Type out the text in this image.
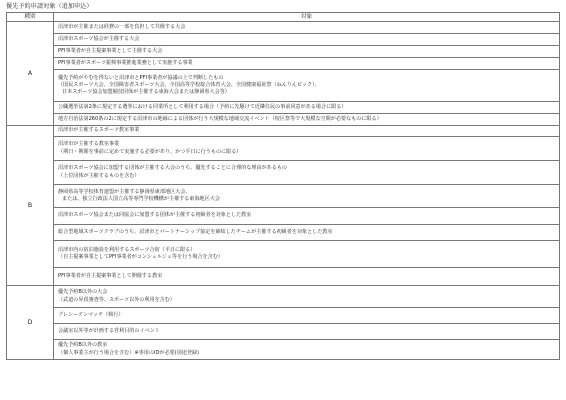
優先予約申請対象（追加申込）
種別	対象
A	沼津市が主催または経費の一部を負担して共催する大会

	沼津市スポーツ協会が主催する大会

	PFI事業者が自主提案事業として主催する大会

	PFI事業者がスポーツ振興事業推進業務として実施する事業

	優先予約がやむを得ないと沼津市とPFI事業者が協議の上で判断したもの
（国民スポーツ大会、全国障害者スポーツ大会、全国高等学校総合体育大会、全国健康福祉祭（ねんりんピック）、
日本スポーツ協会加盟競技団体が主催する東海大会または静岡県大会等）

	公職選挙法第2条に規定する選挙における同業所として利用する場合（予約に先駆けて近隣住民の事前同意がある場合に限る）

	地方自治法第260条の2に規定する沼津市の地縁による団体が行う大規模な地域交流イベント（校区祭等で大規模な空間が必要なものに限る）

B	沼津市が主催するスポーツ教室事業

	沼津市が主催する教室事業
（期日・期間を事前に定めて実施する必要があり、かつ平日に行うものに限る）

	沼津市スポーツ協会に加盟する団体が主催する大会のうち、優先することに合理的な理由があるもの
（上位団体が主催するものを含む）

	静岡県高等学校体育連盟が主催する静岡県東部地区大会、
または、独立行政法人国立高等専門学校機構が主催する東海地区大会

	沼津市スポーツ協会または同協会に加盟する団体が主催する初級者を対象とした教室

	総合型地域スポーツクラブのうち、沼津市とパートナーシップ協定を締結したチームが主催する初級者を対象とした教室

	沼津市内の宿泊施設を利用するスポーツ合宿（平日に限る）
（自主提案事業としてPFI事業者がコンシェルジュ等を行う場合を含む）

	PFI事業者が自主提案事業として開催する教室

D	優先予約B以外の大会
（武道の昇段審査等、スポーツ以外の利用を含む）

	プレシーズンマッチ（興行）

	会議室以外等が計画する営利目的のイベント

	優先予約B以外の教室
（個人事業主が行う場合を含む）※専用のIDが必要(別途登録)
